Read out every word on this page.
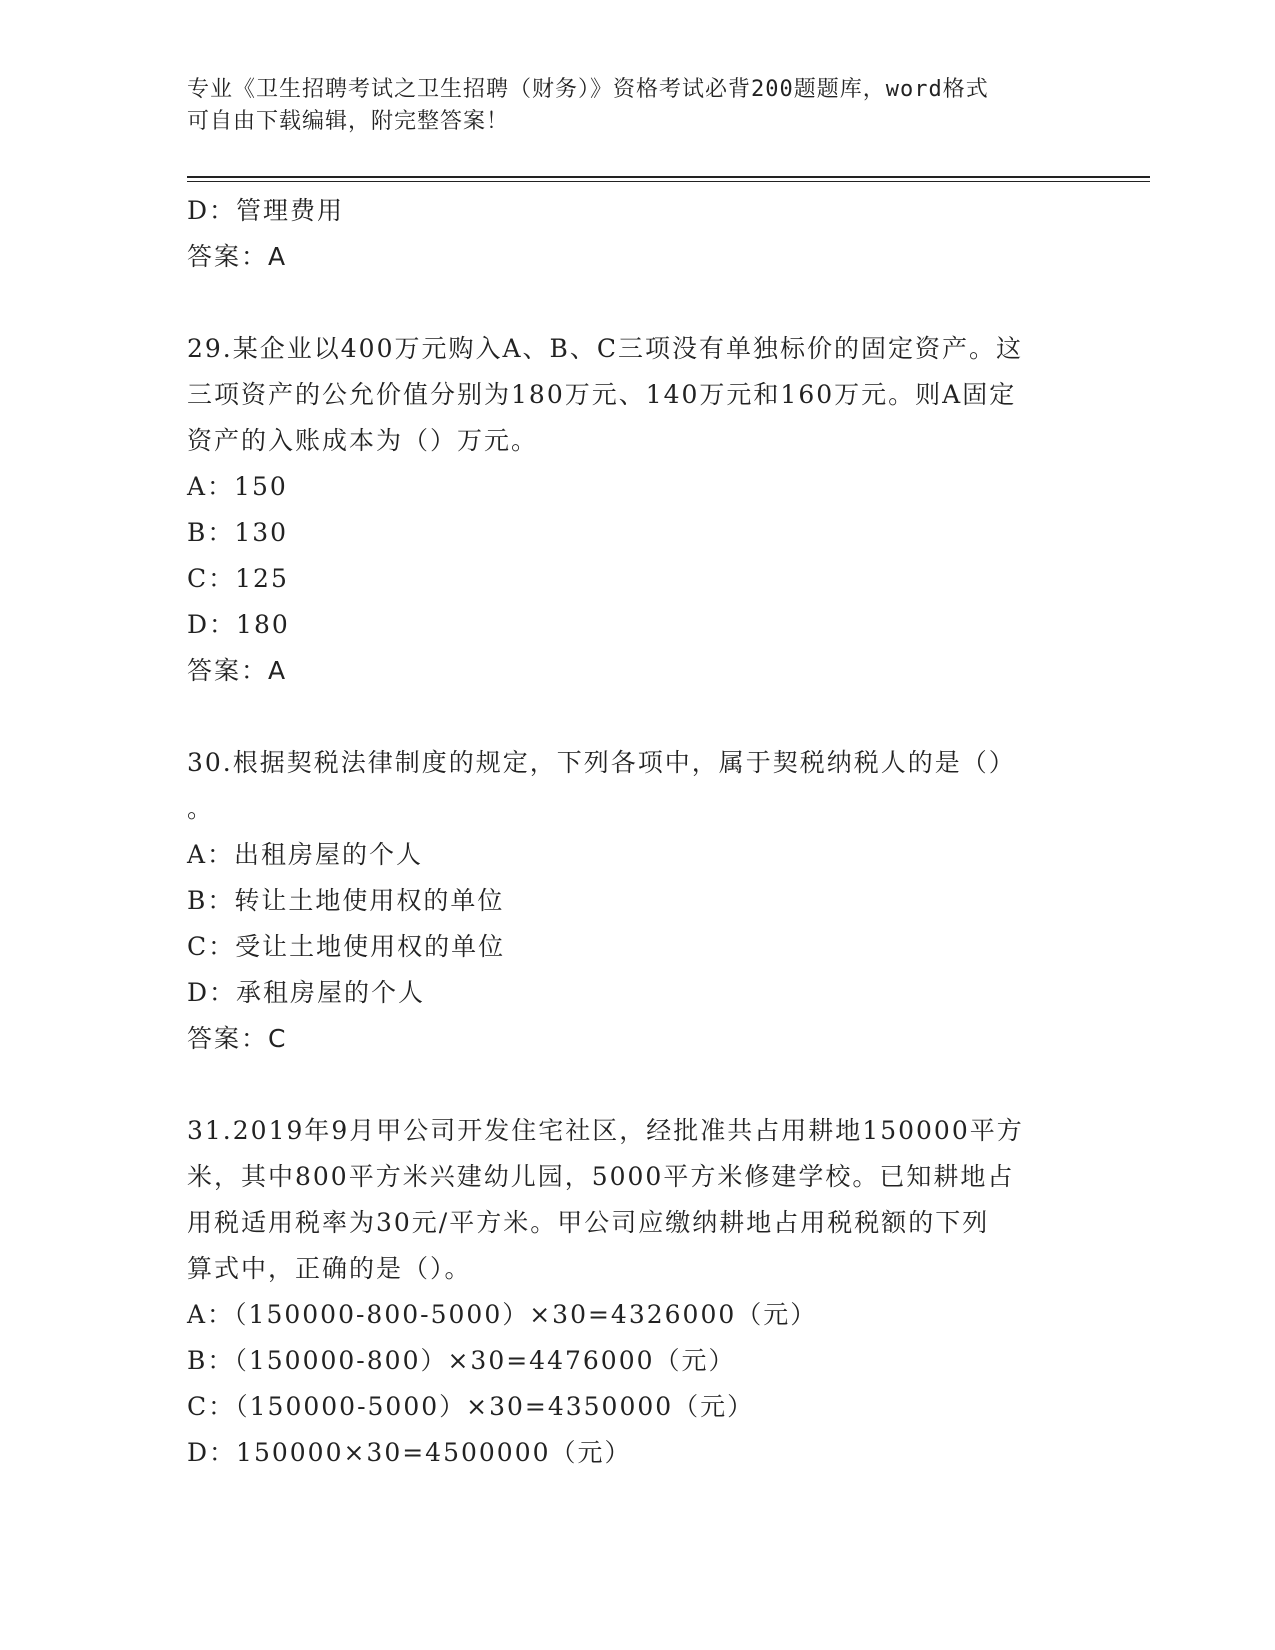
专业《卫生招聘考试之卫生招聘（财务）》资格考试必背200题题库，word格式
可自由下载编辑，附完整答案！
D：管理费用
答案：A
29.某企业以400万元购入A、B、C三项没有单独标价的固定资产。这
三项资产的公允价值分别为180万元、140万元和160万元。则A固定
资产的入账成本为（）万元。
A：150
B：130
C：125
D：180
答案：A
30.根据契税法律制度的规定，下列各项中，属于契税纳税人的是（）
。
A：出租房屋的个人
B：转让土地使用权的单位
C：受让土地使用权的单位
D：承租房屋的个人
答案：C
31.2019年9月甲公司开发住宅社区，经批准共占用耕地150000平方
米，其中800平方米兴建幼儿园，5000平方米修建学校。已知耕地占
用税适用税率为30元/平方米。甲公司应缴纳耕地占用税税额的下列
算式中，正确的是（）。
A：（150000-800-5000）×30=4326000（元）
B：（150000-800）×30=4476000（元）
C：（150000-5000）×30=4350000（元）
D：150000×30=4500000（元）
